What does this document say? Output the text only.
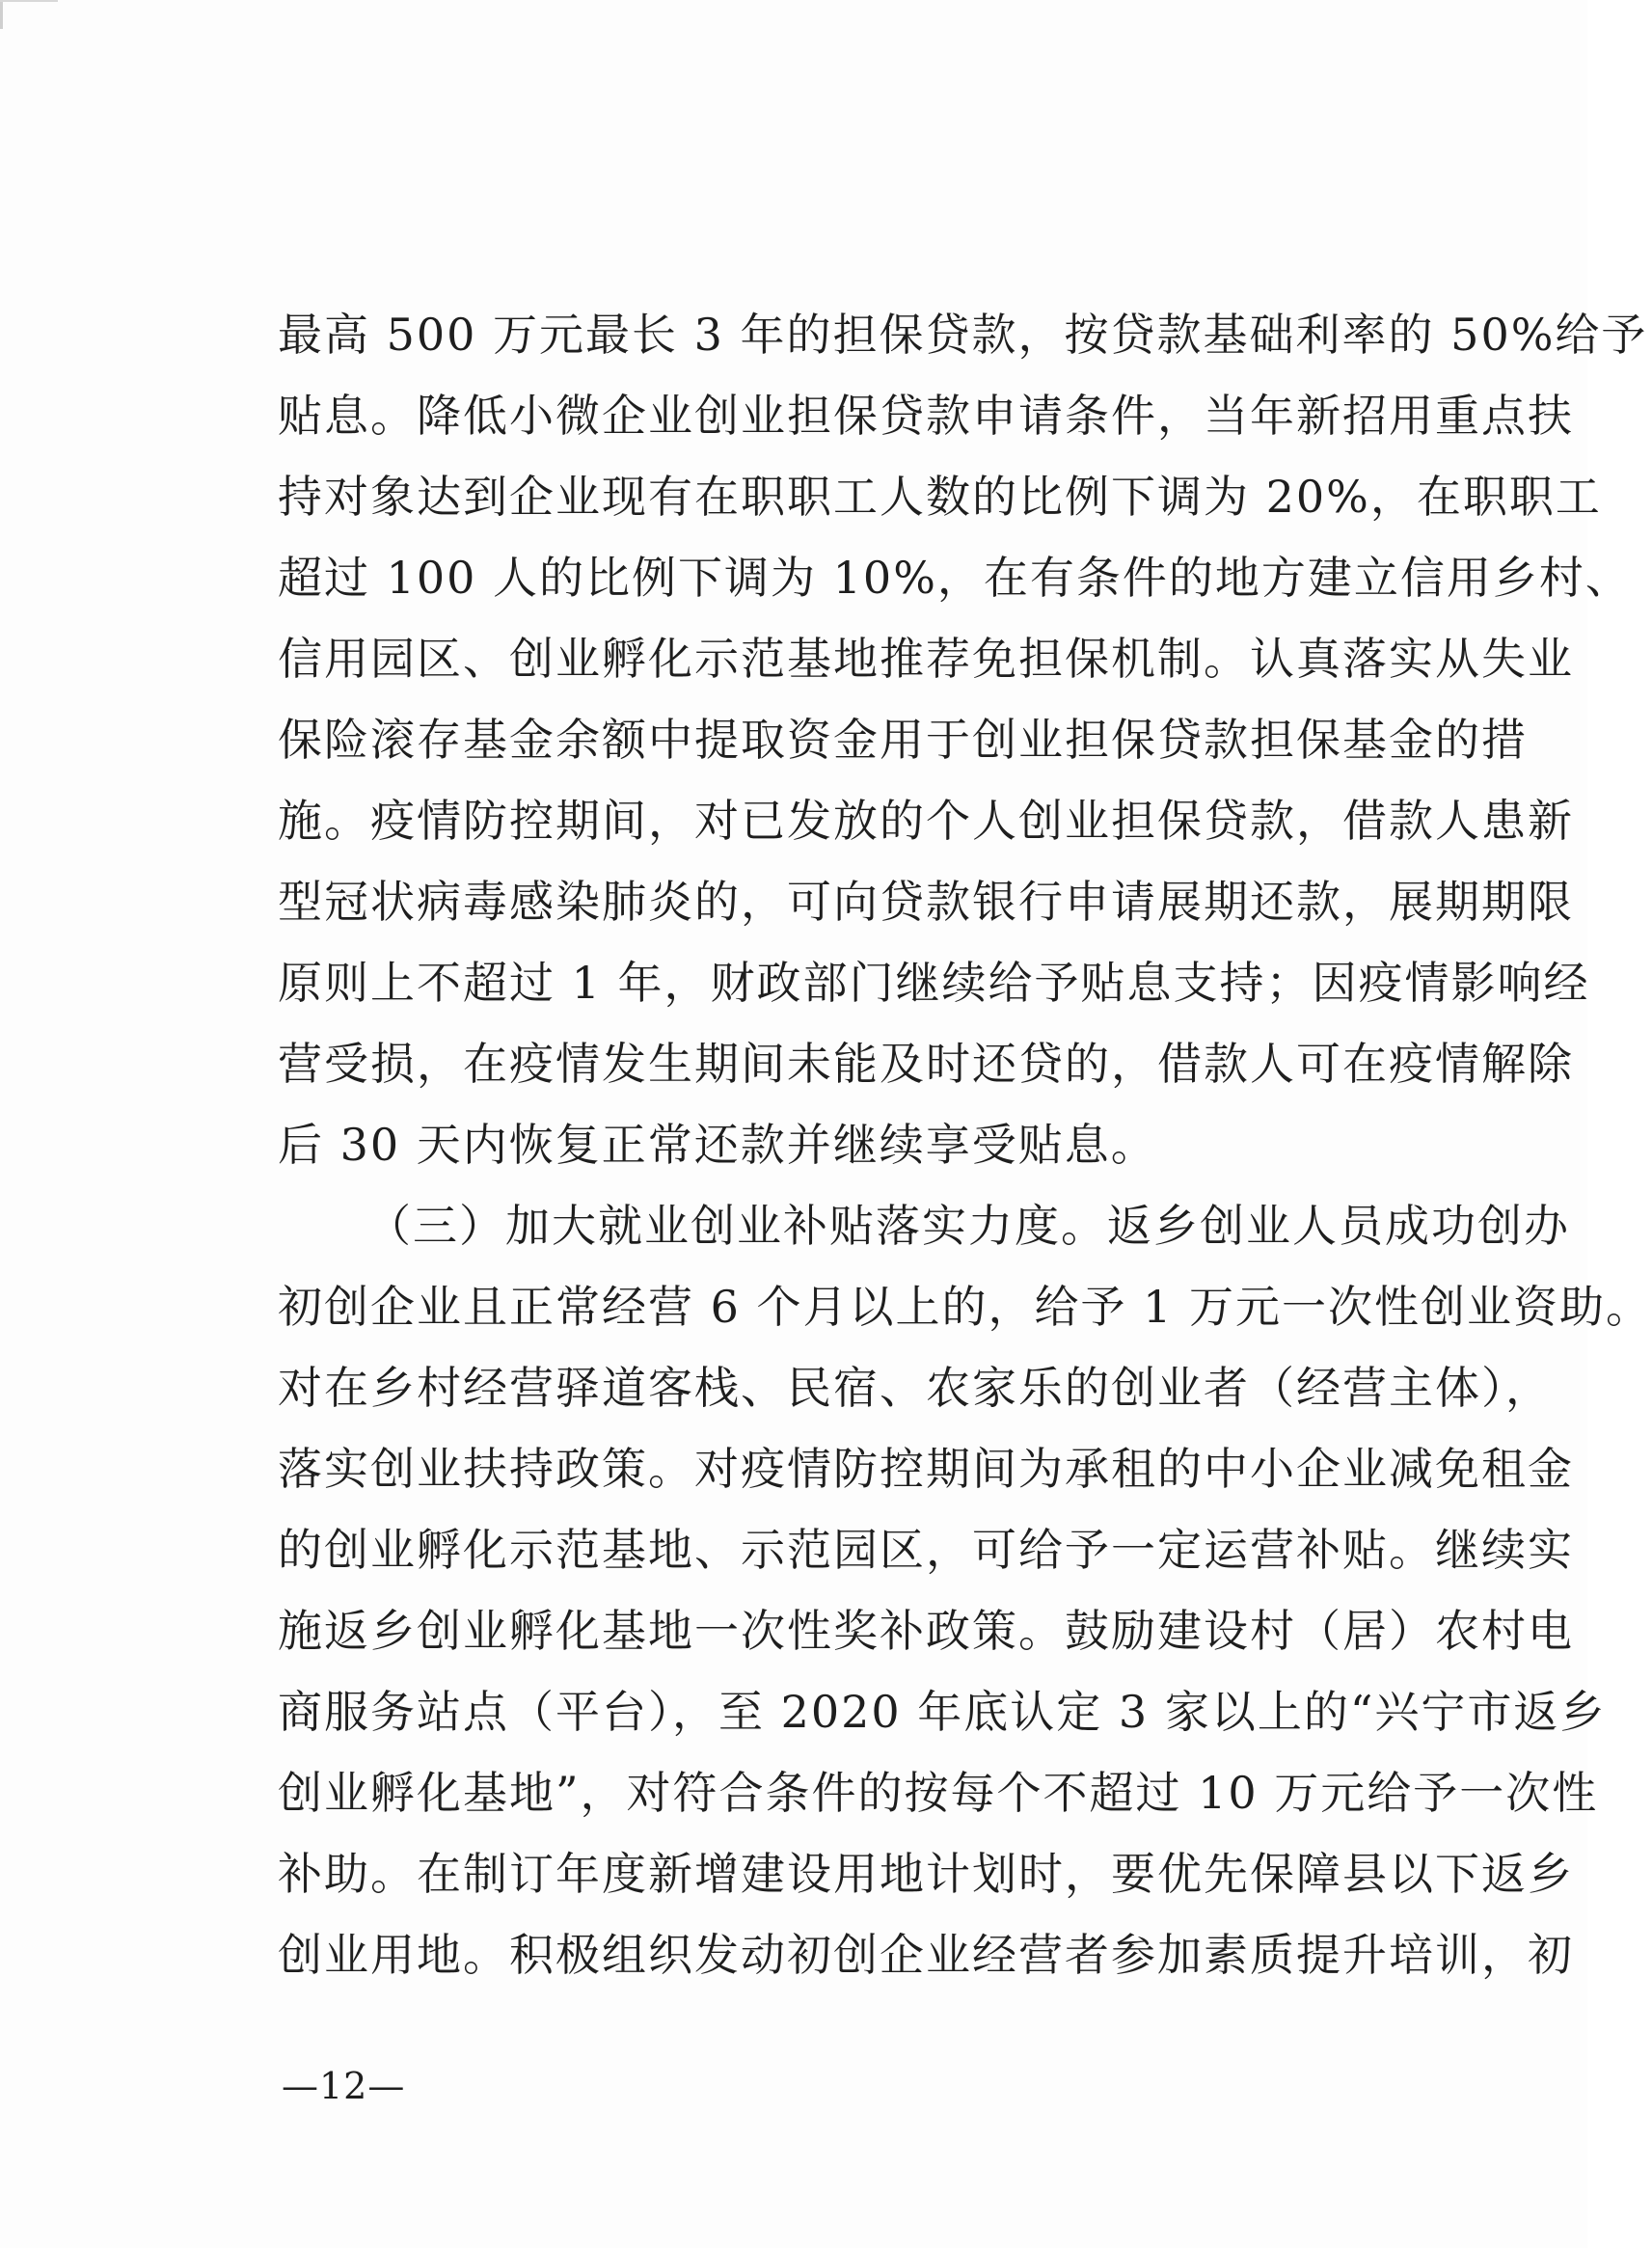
最高 500 万元最长 3 年的担保贷款，按贷款基础利率的 50%给予
贴息。降低小微企业创业担保贷款申请条件，当年新招用重点扶
持对象达到企业现有在职职工人数的比例下调为 20%，在职职工
超过 100 人的比例下调为 10%，在有条件的地方建立信用乡村、
信用园区、创业孵化示范基地推荐免担保机制。认真落实从失业
保险滚存基金余额中提取资金用于创业担保贷款担保基金的措
施。疫情防控期间，对已发放的个人创业担保贷款，借款人患新
型冠状病毒感染肺炎的，可向贷款银行申请展期还款，展期期限
原则上不超过 1 年，财政部门继续给予贴息支持；因疫情影响经
营受损，在疫情发生期间未能及时还贷的，借款人可在疫情解除
后 30 天内恢复正常还款并继续享受贴息。
（三）加大就业创业补贴落实力度。返乡创业人员成功创办
初创企业且正常经营 6 个月以上的，给予 1 万元一次性创业资助。
对在乡村经营驿道客栈、民宿、农家乐的创业者（经营主体），
落实创业扶持政策。对疫情防控期间为承租的中小企业减免租金
的创业孵化示范基地、示范园区，可给予一定运营补贴。继续实
施返乡创业孵化基地一次性奖补政策。鼓励建设村（居）农村电
商服务站点（平台），至 2020 年底认定 3 家以上的“兴宁市返乡
创业孵化基地”，对符合条件的按每个不超过 10 万元给予一次性
补助。在制订年度新增建设用地计划时，要优先保障县以下返乡
创业用地。积极组织发动初创企业经营者参加素质提升培训，初
—12—
